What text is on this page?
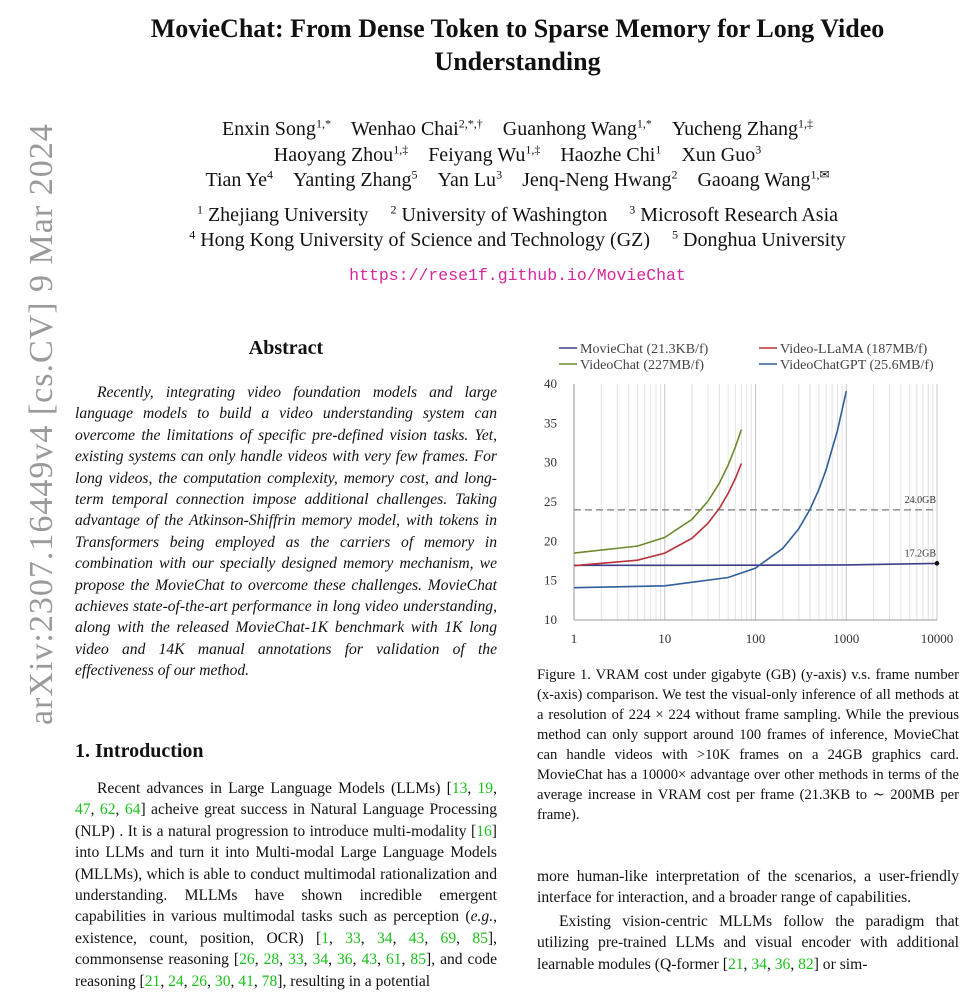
arXiv:2307.16449v4 [cs.CV] 9 Mar 2024
MovieChat: From Dense Token to Sparse Memory for Long Video Understanding
Enxin Song$^{1,*}$ Wenhao Chai$^{2,*,\dagger}$ Guanhong Wang$^{1,*}$ Yucheng Zhang$^{1,\ddagger}$
Haoyang Zhou$^{1,\ddagger}$ Feiyang $Wu^{1,\ddagger}$ Haozhe Chi$^1$ Xun Guo$^3$
Tian Ye$^4$ Yanting Zhang$^5$ Yan Lu$^3$ Jenq-Neng Hwang$^2$ Gaoang Wang$^{1,✉}$
$^1$ Zhejiang University $^2$ University of Washington $^3$ Microsoft Research Asia
$^4$ Hong Kong University of Science and Technology (GZ) $^5$ Donghua University
https://rese1f.github.io/MovieChat
Abstract
Recently, integrating video foundation models and large language models to build a video understanding system can overcome the limitations of specific pre-defined vision tasks. Yet, existing systems can only handle videos with very few frames. For long videos, the computation complexity, memory cost, and long-term temporal connection impose additional challenges. Taking advantage of the Atkinson-Shiffrin memory model, with tokens in Transformers being employed as the carriers of memory in combination with our specially designed memory mechanism, we propose the MovieChat to overcome these challenges. MovieChat achieves state-of-the-art performance in long video understanding, along with the released MovieChat-1K benchmark with 1K long video and 14K manual annotations for validation of the effectiveness of our method.
1. Introduction
Recent advances in Large Language Models (LLMs) [13, 19, 47, 62, 64] acheive great success in Natural Language Processing (NLP) . It is a natural progression to introduce multi-modality [16] into LLMs and turn it into Multi-modal Large Language Models (MLLMs), which is able to conduct multimodal rationalization and understanding. MLLMs have shown incredible emergent capabilities in various multimodal tasks such as perception (e.g., existence, count, position, OCR) [1, 33, 34, 43, 69, 85], commonsense reasoning [26, 28, 33, 34, 36, 43, 61, 85], and code reasoning [21, 24, 26, 30, 41, 78], resulting in a potential
10
15
20
25
30
35
40
1	10	100	1000	10000
24.0GB
17.2GB
MovieChat (21.3KB/f)	Video-LLaMA (187MB/f)
VideoChat (227MB/f)	VideoChatGPT (25.6MB/f)
Figure 1. VRAM cost under gigabyte (GB) (y-axis) v.s. frame number (x-axis) comparison. We test the visual-only inference of all methods at a resolution of 224 × 224 without frame sampling. While the previous method can only support around 100 frames of inference, MovieChat can handle videos with >10K frames on a 24GB graphics card. MovieChat has a 10000× advantage over other methods in terms of the average increase in VRAM cost per frame (21.3KB to ∼ 200MB per frame).

more human-like interpretation of the scenarios, a user-friendly interface for interaction, and a broader range of capabilities.

Existing vision-centric MLLMs follow the paradigm that utilizing pre-trained LLMs and visual encoder with additional learnable modules (Q-former [21, 34, 36, 82] or sim-
